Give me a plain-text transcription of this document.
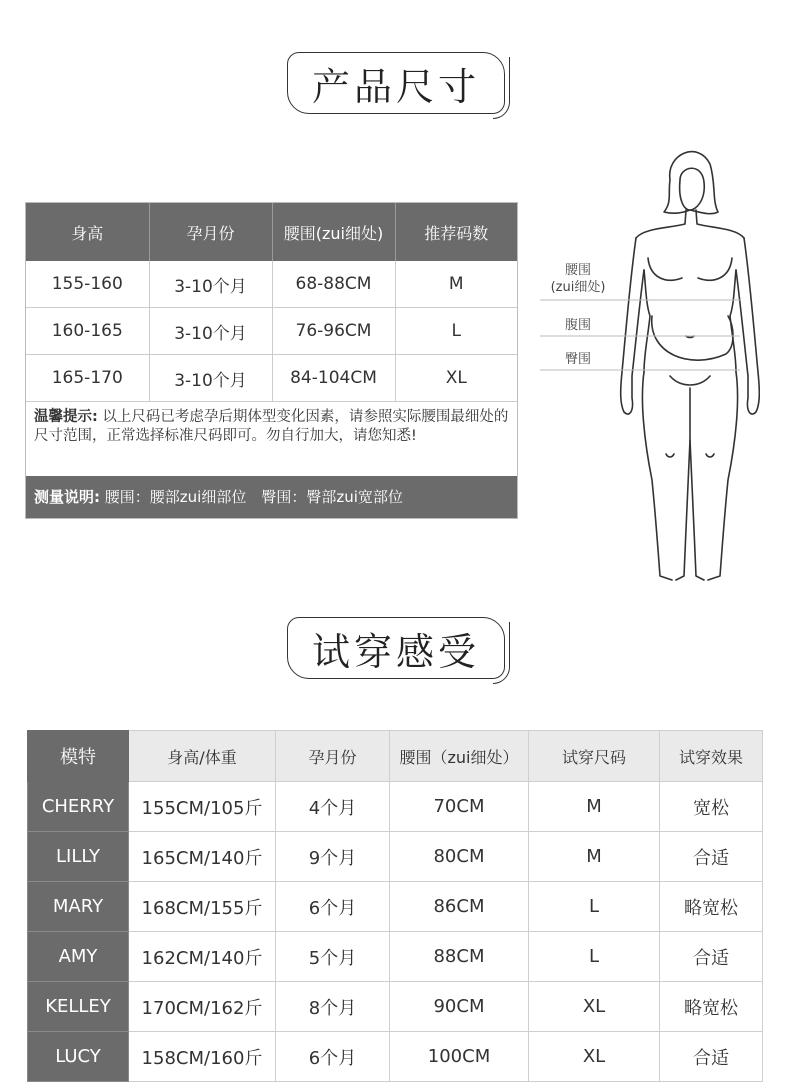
产品尺寸
身高	孕月份	腰围(zui细处)	推荐码数
155-160	3-10个月	68-88CM	M
160-165	3-10个月	76-96CM	L
165-170	3-10个月	84-104CM	XL
温馨提示: 以上尺码已考虑孕后期体型变化因素，请参照实际腰围最细处的尺寸范围，正常选择标准尺码即可。勿自行加大，请您知悉!
测量说明: 腰围：腰部zui细部位　臀围：臀部zui宽部位
腰围
(zui细处)
腹围
臀围
试穿感受
模特	身高/体重	孕月份	腰围（zui细处）	试穿尺码	试穿效果
CHERRY	155CM/105斤	4个月	70CM	M	宽松
LILLY	165CM/140斤	9个月	80CM	M	合适
MARY	168CM/155斤	6个月	86CM	L	略宽松
AMY	162CM/140斤	5个月	88CM	L	合适
KELLEY	170CM/162斤	8个月	90CM	XL	略宽松
LUCY	158CM/160斤	6个月	100CM	XL	合适
